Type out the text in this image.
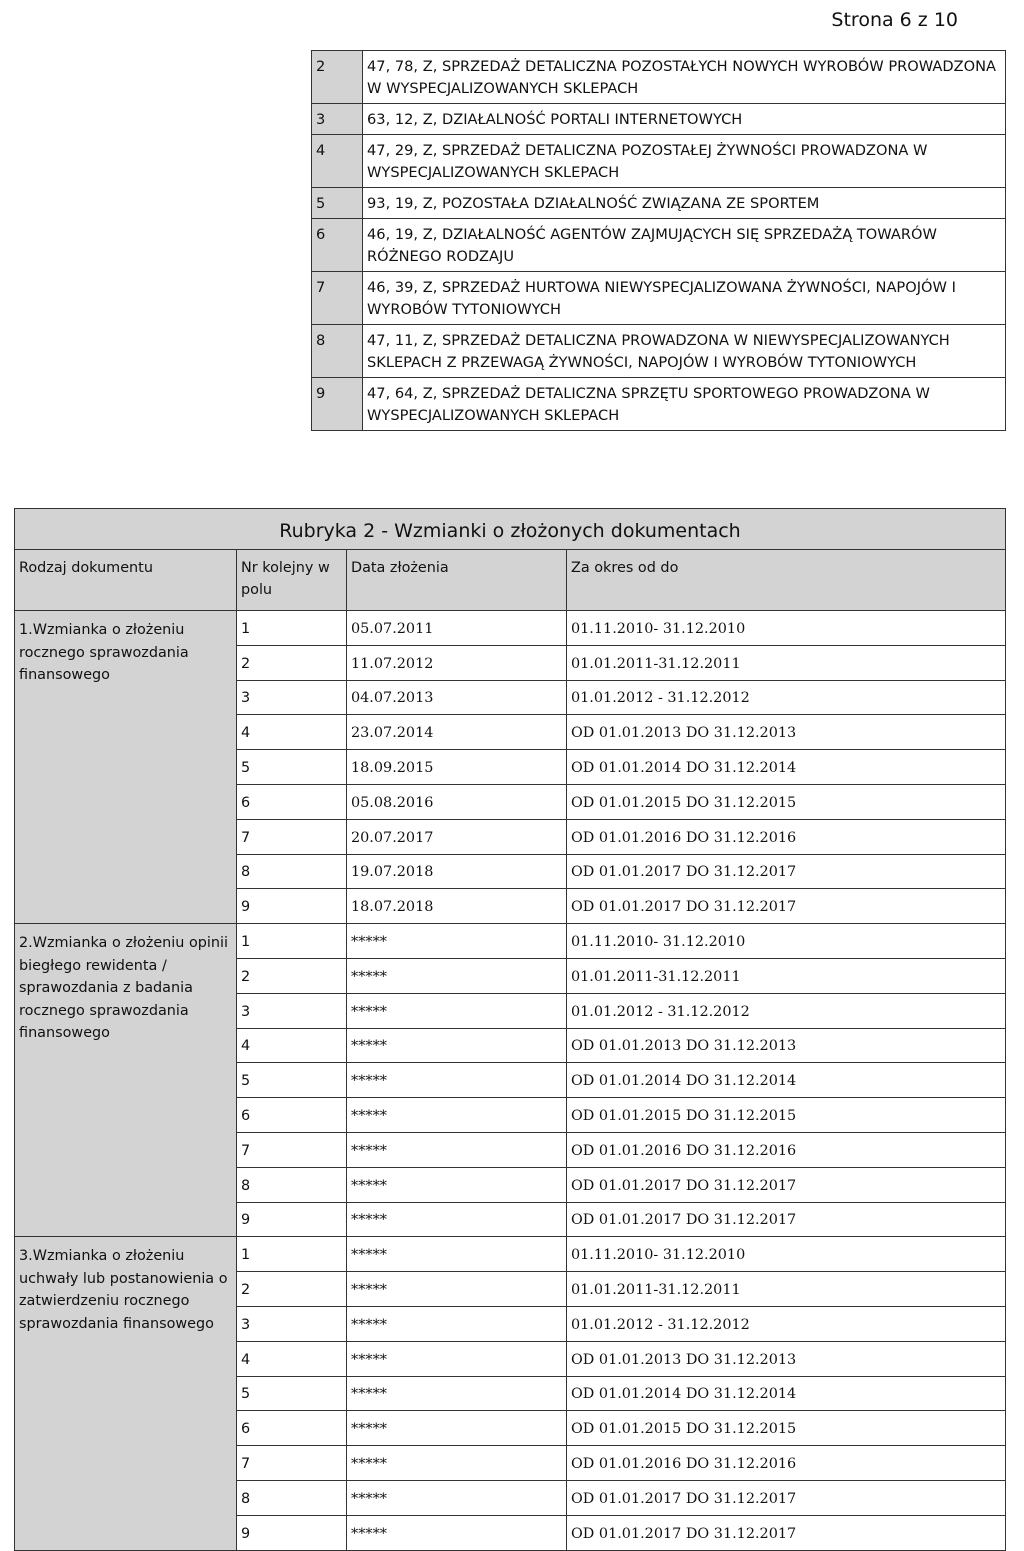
Strona 6 z 10
2	47, 78, Z, SPRZEDAŻ DETALICZNA POZOSTAŁYCH NOWYCH WYROBÓW PROWADZONA W WYSPECJALIZOWANYCH SKLEPACH
3	63, 12, Z, DZIAŁALNOŚĆ PORTALI INTERNETOWYCH
4	47, 29, Z, SPRZEDAŻ DETALICZNA POZOSTAŁEJ ŻYWNOŚCI PROWADZONA W WYSPECJALIZOWANYCH SKLEPACH
5	93, 19, Z, POZOSTAŁA DZIAŁALNOŚĆ ZWIĄZANA ZE SPORTEM
6	46, 19, Z, DZIAŁALNOŚĆ AGENTÓW ZAJMUJĄCYCH SIĘ SPRZEDAŻĄ TOWARÓW RÓŻNEGO RODZAJU
7	46, 39, Z, SPRZEDAŻ HURTOWA NIEWYSPECJALIZOWANA ŻYWNOŚCI, NAPOJÓW I WYROBÓW TYTONIOWYCH
8	47, 11, Z, SPRZEDAŻ DETALICZNA PROWADZONA W NIEWYSPECJALIZOWANYCH SKLEPACH Z PRZEWAGĄ ŻYWNOŚCI, NAPOJÓW I WYROBÓW TYTONIOWYCH
9	47, 64, Z, SPRZEDAŻ DETALICZNA SPRZĘTU SPORTOWEGO PROWADZONA W WYSPECJALIZOWANYCH SKLEPACH
Rubryka 2 - Wzmianki o złożonych dokumentach			
Rodzaj dokumentu	Nr kolejny w polu	Data złożenia	Za okres od do
1.Wzmianka o złożeniu rocznego sprawozdania finansowego	1	05.07.2011	01.11.2010- 31.12.2010
	2	11.07.2012	01.01.2011-31.12.2011
	3	04.07.2013	01.01.2012 - 31.12.2012
	4	23.07.2014	OD 01.01.2013 DO 31.12.2013
	5	18.09.2015	OD 01.01.2014 DO 31.12.2014
	6	05.08.2016	OD 01.01.2015 DO 31.12.2015
	7	20.07.2017	OD 01.01.2016 DO 31.12.2016
	8	19.07.2018	OD 01.01.2017 DO 31.12.2017
	9	18.07.2018	OD 01.01.2017 DO 31.12.2017
2.Wzmianka o złożeniu opinii biegłego rewidenta / sprawozdania z badania rocznego sprawozdania finansowego	1	*****	01.11.2010- 31.12.2010
	2	*****	01.01.2011-31.12.2011
	3	*****	01.01.2012 - 31.12.2012
	4	*****	OD 01.01.2013 DO 31.12.2013
	5	*****	OD 01.01.2014 DO 31.12.2014
	6	*****	OD 01.01.2015 DO 31.12.2015
	7	*****	OD 01.01.2016 DO 31.12.2016
	8	*****	OD 01.01.2017 DO 31.12.2017
	9	*****	OD 01.01.2017 DO 31.12.2017
3.Wzmianka o złożeniu uchwały lub postanowienia o zatwierdzeniu rocznego sprawozdania finansowego	1	*****	01.11.2010- 31.12.2010
	2	*****	01.01.2011-31.12.2011
	3	*****	01.01.2012 - 31.12.2012
	4	*****	OD 01.01.2013 DO 31.12.2013
	5	*****	OD 01.01.2014 DO 31.12.2014
	6	*****	OD 01.01.2015 DO 31.12.2015
	7	*****	OD 01.01.2016 DO 31.12.2016
	8	*****	OD 01.01.2017 DO 31.12.2017
	9	*****	OD 01.01.2017 DO 31.12.2017
